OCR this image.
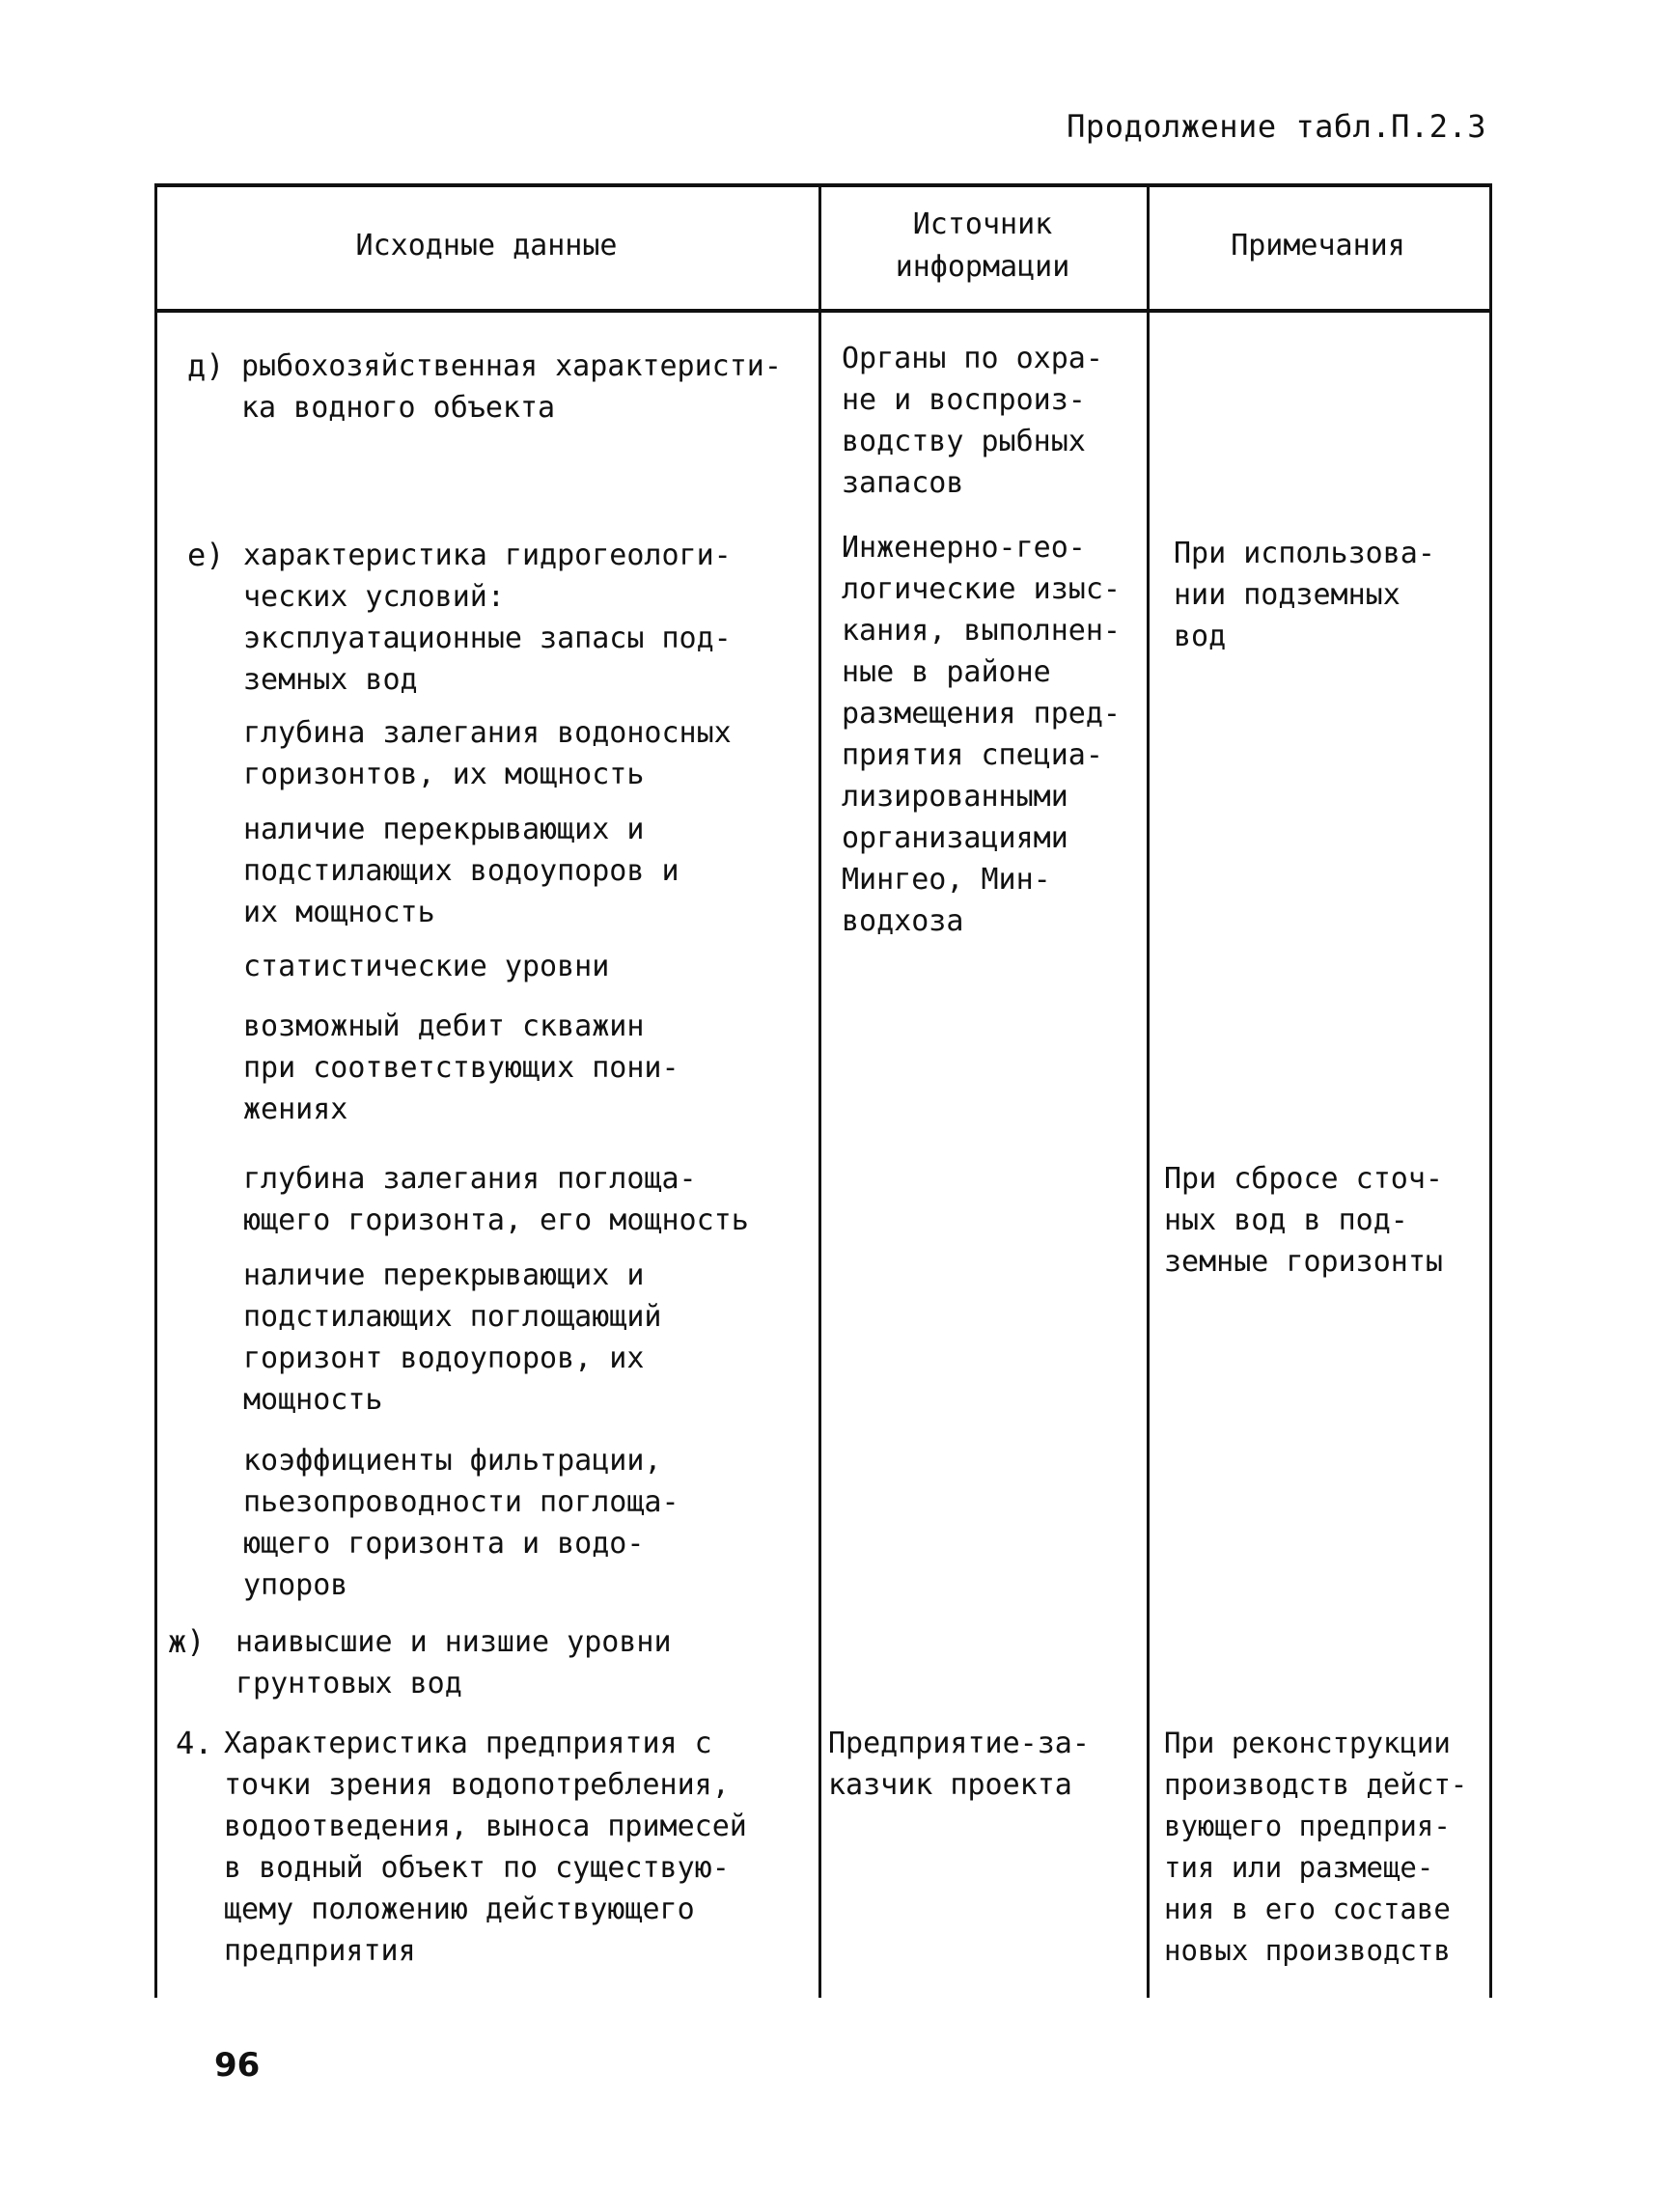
Продолжение табл.П.2.3
Исходные данные
Источник
информации
Примечания
д) рыбохозяйственная характеристи-
ка водного объекта
Органы по охра-
не и воспроиз-
водству рыбных
запасов
е) характеристика гидрогеологи-
ческих условий:
эксплуатационные запасы под-
земных вод
глубина залегания водоносных
горизонтов, их мощность
наличие перекрывающих и
подстилающих водоупоров и
их мощность
статистические уровни
возможный дебит скважин
при соответствующих пони-
жениях
глубина залегания поглоща-
ющего горизонта, его мощность
наличие перекрывающих и
подстилающих поглощающий
горизонт водоупоров, их
мощность
коэффициенты фильтрации,
пьезопроводности поглоща-
ющего горизонта и водо-
упоров
Инженерно-гео-
логические изыс-
кания, выполнен-
ные в районе
размещения пред-
приятия специа-
лизированными
организациями
Мингео, Мин-
водхоза
При использова-
нии подземных
вод
При сбросе сточ-
ных вод в под-
земные горизонты
ж) наивысшие и низшие уровни
грунтовых вод
4. Характеристика предприятия с
точки зрения водопотребления,
водоотведения, выноса примесей
в водный объект по существую-
щему положению действующего
предприятия
Предприятие-за-
казчик проекта
При реконструкции
производств дейст-
вующего предприя-
тия или размеще-
ния в его составе
новых производств
96
